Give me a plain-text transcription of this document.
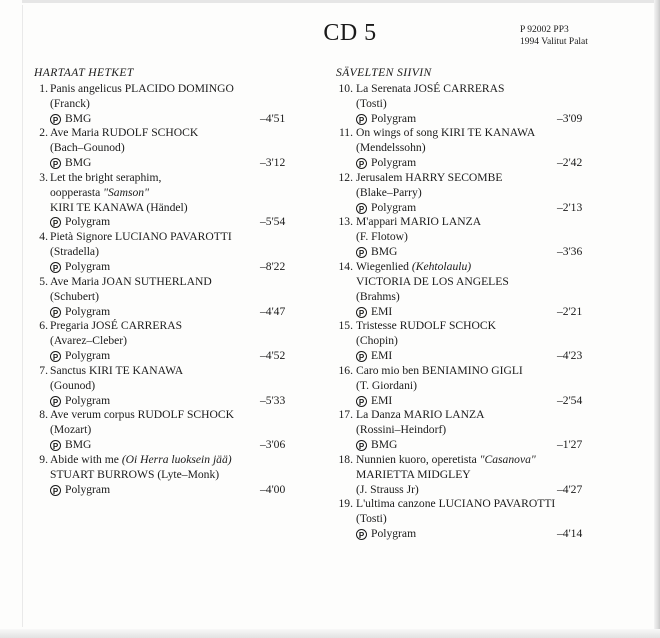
CD 5	P 92002 PP3
1994 Valitut Palat
HARTAAT HETKET
1. Panis angelicus PLACIDO DOMINGO
(Franck)
P BMG	–4'51
2. Ave Maria RUDOLF SCHOCK
(Bach–Gounod)
P BMG	–3'12
3. Let the bright seraphim,
oopperasta "Samson"
KIRI TE KANAWA (Händel)
P Polygram	–5'54
4. Pietà Signore LUCIANO PAVAROTTI
(Stradella)
P Polygram	–8'22
5. Ave Maria JOAN SUTHERLAND
(Schubert)
P Polygram	–4'47
6. Pregaria JOSÉ CARRERAS
(Avarez–Cleber)
P Polygram	–4'52
7. Sanctus KIRI TE KANAWA
(Gounod)
P Polygram	–5'33
8. Ave verum corpus RUDOLF SCHOCK
(Mozart)
P BMG	–3'06
9. Abide with me (Oi Herra luoksein jää)
STUART BURROWS (Lyte–Monk)
P Polygram	–4'00
SÄVELTEN SIIVIN
10. La Serenata JOSÉ CARRERAS
(Tosti)
P Polygram	–3'09
11. On wings of song KIRI TE KANAWA
(Mendelssohn)
P Polygram	–2'42
12. Jerusalem HARRY SECOMBE
(Blake–Parry)
P Polygram	–2'13
13. M'appari MARIO LANZA
(F. Flotow)
P BMG	–3'36
14. Wiegenlied (Kehtolaulu)
VICTORIA DE LOS ANGELES
(Brahms)
P EMI	–2'21
15. Tristesse RUDOLF SCHOCK
(Chopin)
P EMI	–4'23
16. Caro mio ben BENIAMINO GIGLI
(T. Giordani)
P EMI	–2'54
17. La Danza MARIO LANZA
(Rossini–Heindorf)
P BMG	–1'27
18. Nunnien kuoro, operetista "Casanova"
MARIETTA MIDGLEY
(J. Strauss Jr)	–4'27
19. L'ultima canzone LUCIANO PAVAROTTI
(Tosti)
P Polygram	–4'14
